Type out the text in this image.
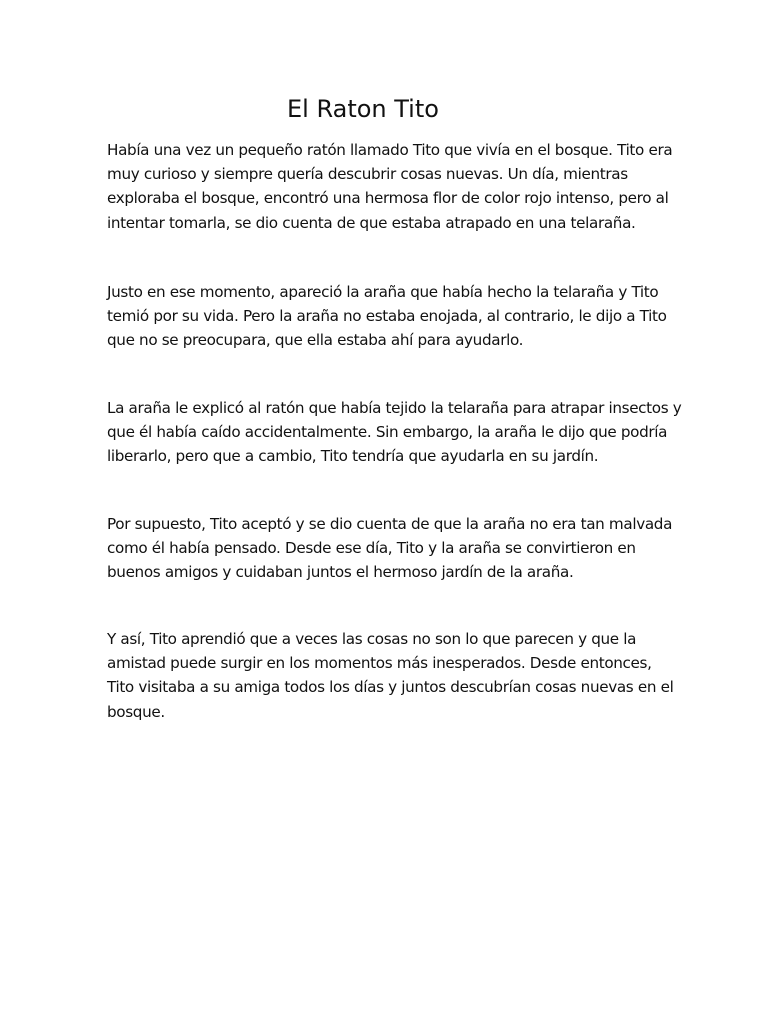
El Raton Tito

Había una vez un pequeño ratón llamado Tito que vivía en el bosque. Tito era
muy curioso y siempre quería descubrir cosas nuevas. Un día, mientras
exploraba el bosque, encontró una hermosa flor de color rojo intenso, pero al
intentar tomarla, se dio cuenta de que estaba atrapado en una telaraña.

Justo en ese momento, apareció la araña que había hecho la telaraña y Tito
temió por su vida. Pero la araña no estaba enojada, al contrario, le dijo a Tito
que no se preocupara, que ella estaba ahí para ayudarlo.

La araña le explicó al ratón que había tejido la telaraña para atrapar insectos y
que él había caído accidentalmente. Sin embargo, la araña le dijo que podría
liberarlo, pero que a cambio, Tito tendría que ayudarla en su jardín.

Por supuesto, Tito aceptó y se dio cuenta de que la araña no era tan malvada
como él había pensado. Desde ese día, Tito y la araña se convirtieron en
buenos amigos y cuidaban juntos el hermoso jardín de la araña.

Y así, Tito aprendió que a veces las cosas no son lo que parecen y que la
amistad puede surgir en los momentos más inesperados. Desde entonces,
Tito visitaba a su amiga todos los días y juntos descubrían cosas nuevas en el
bosque.
